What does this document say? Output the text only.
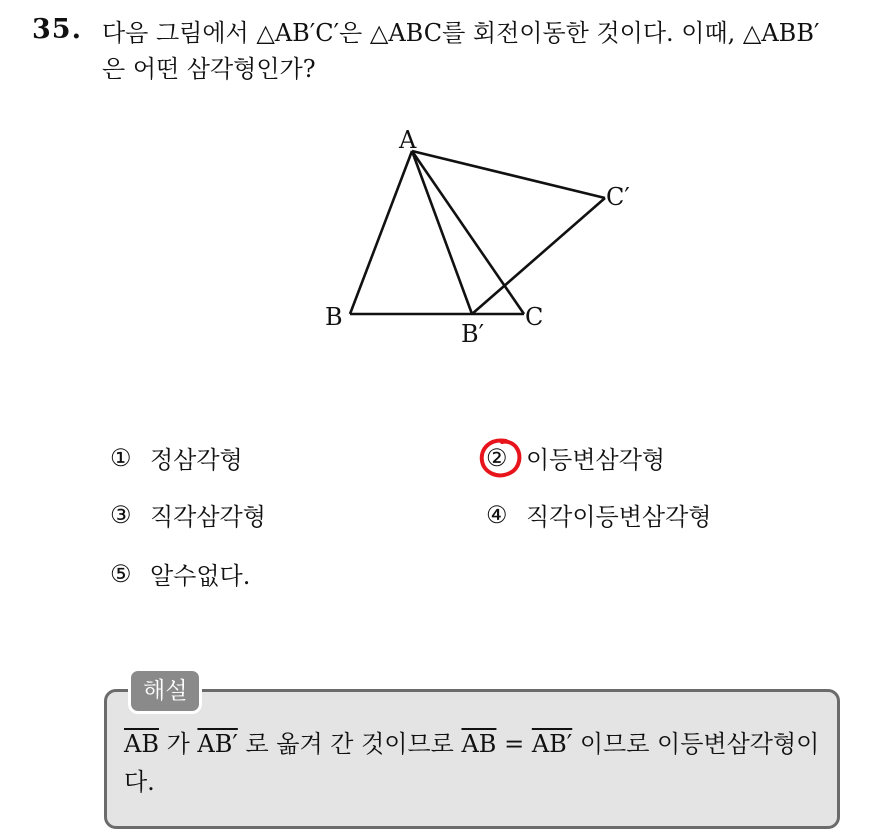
35. 다음 그림에서 △AB′C′은 △ABC를 회전이동한 것이다. 이때, △ABB′
은 어떤 삼각형인가?
A
B
B′
C
C′
① 정삼각형	② 이등변삼각형
③ 직각삼각형	④ 직각이등변삼각형
⑤ 알수없다.
해설
$\overline{AB}$ 가 AB′ 로 옮겨 간 것이므로 $\overline{AB} = AB'$ 이므로 이등변삼각형이다.
